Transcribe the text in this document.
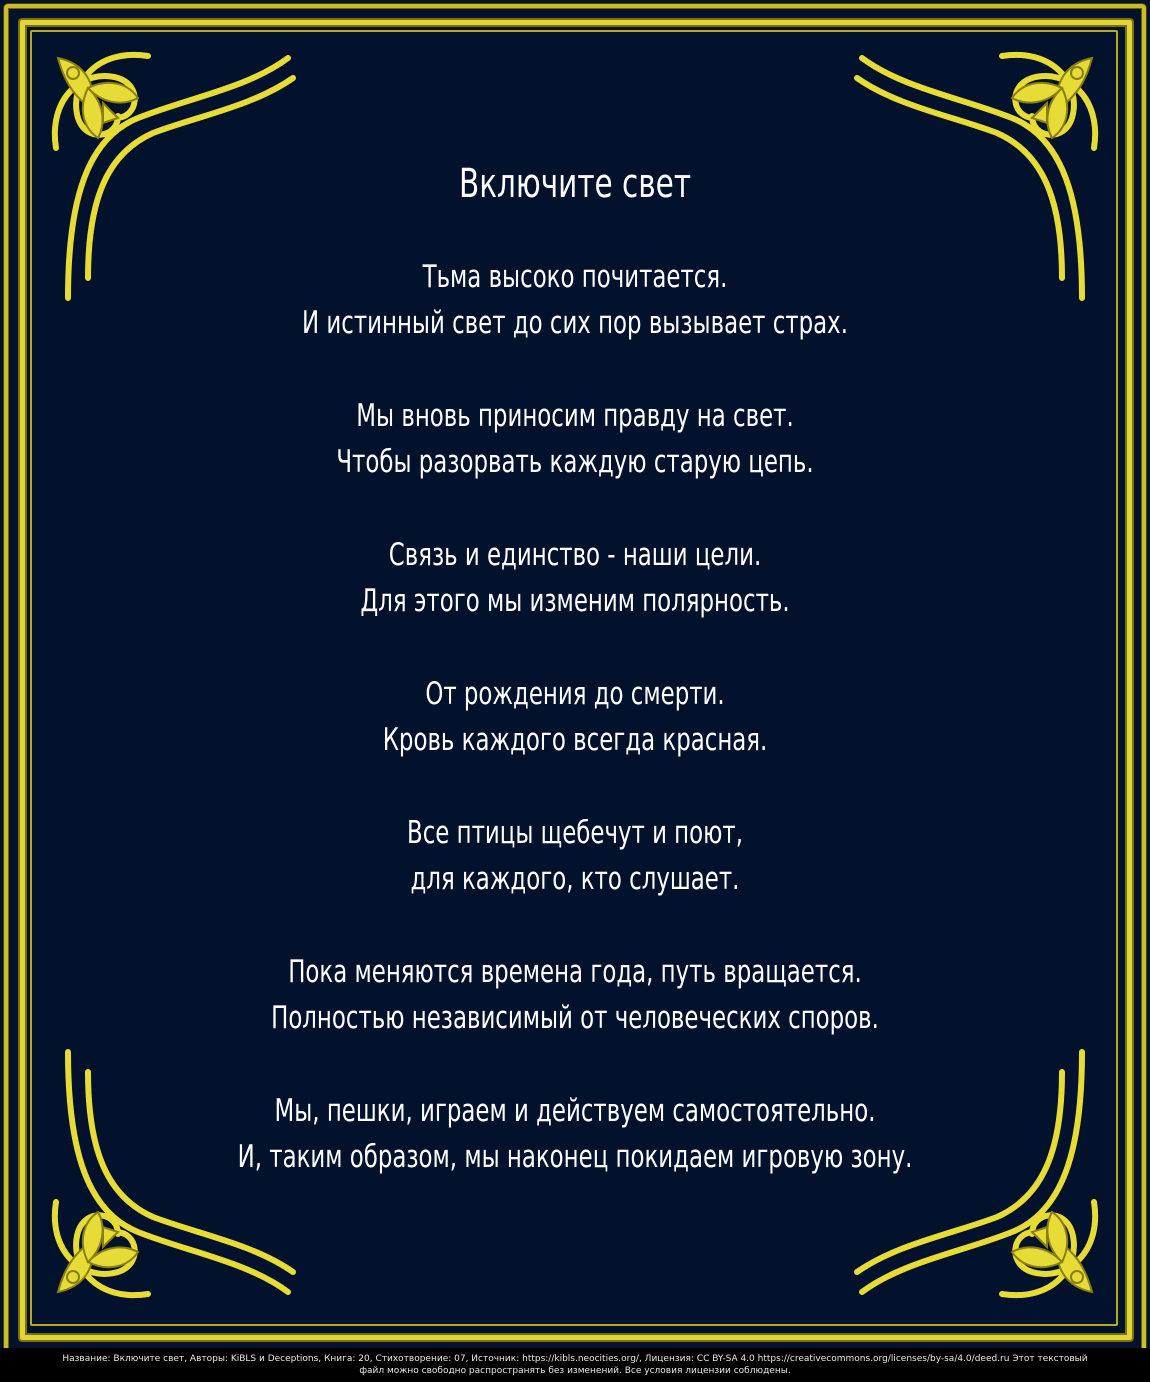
Включите свет
Тьма высоко почитается.
И истинный свет до сих пор вызывает страх.
Мы вновь приносим правду на свет.
Чтобы разорвать каждую старую цепь.
Связь и единство - наши цели.
Для этого мы изменим полярность.
От рождения до смерти.
Кровь каждого всегда красная.
Все птицы щебечут и поют,
для каждого, кто слушает.
Пока меняются времена года, путь вращается.
Полностью независимый от человеческих споров.
Мы, пешки, играем и действуем самостоятельно.
И, таким образом, мы наконец покидаем игровую зону.
Название: Включите свет, Авторы: KiBLS и Deceptions, Книга: 20, Стихотворение: 07, Источник: https://kibls.neocities.org/, Лицензия: CC BY-SA 4.0 https://creativecommons.org/licenses/by-sa/4.0/deed.ru Этот текстовый
файл можно свободно распространять без изменений. Все условия лицензии соблюдены.
